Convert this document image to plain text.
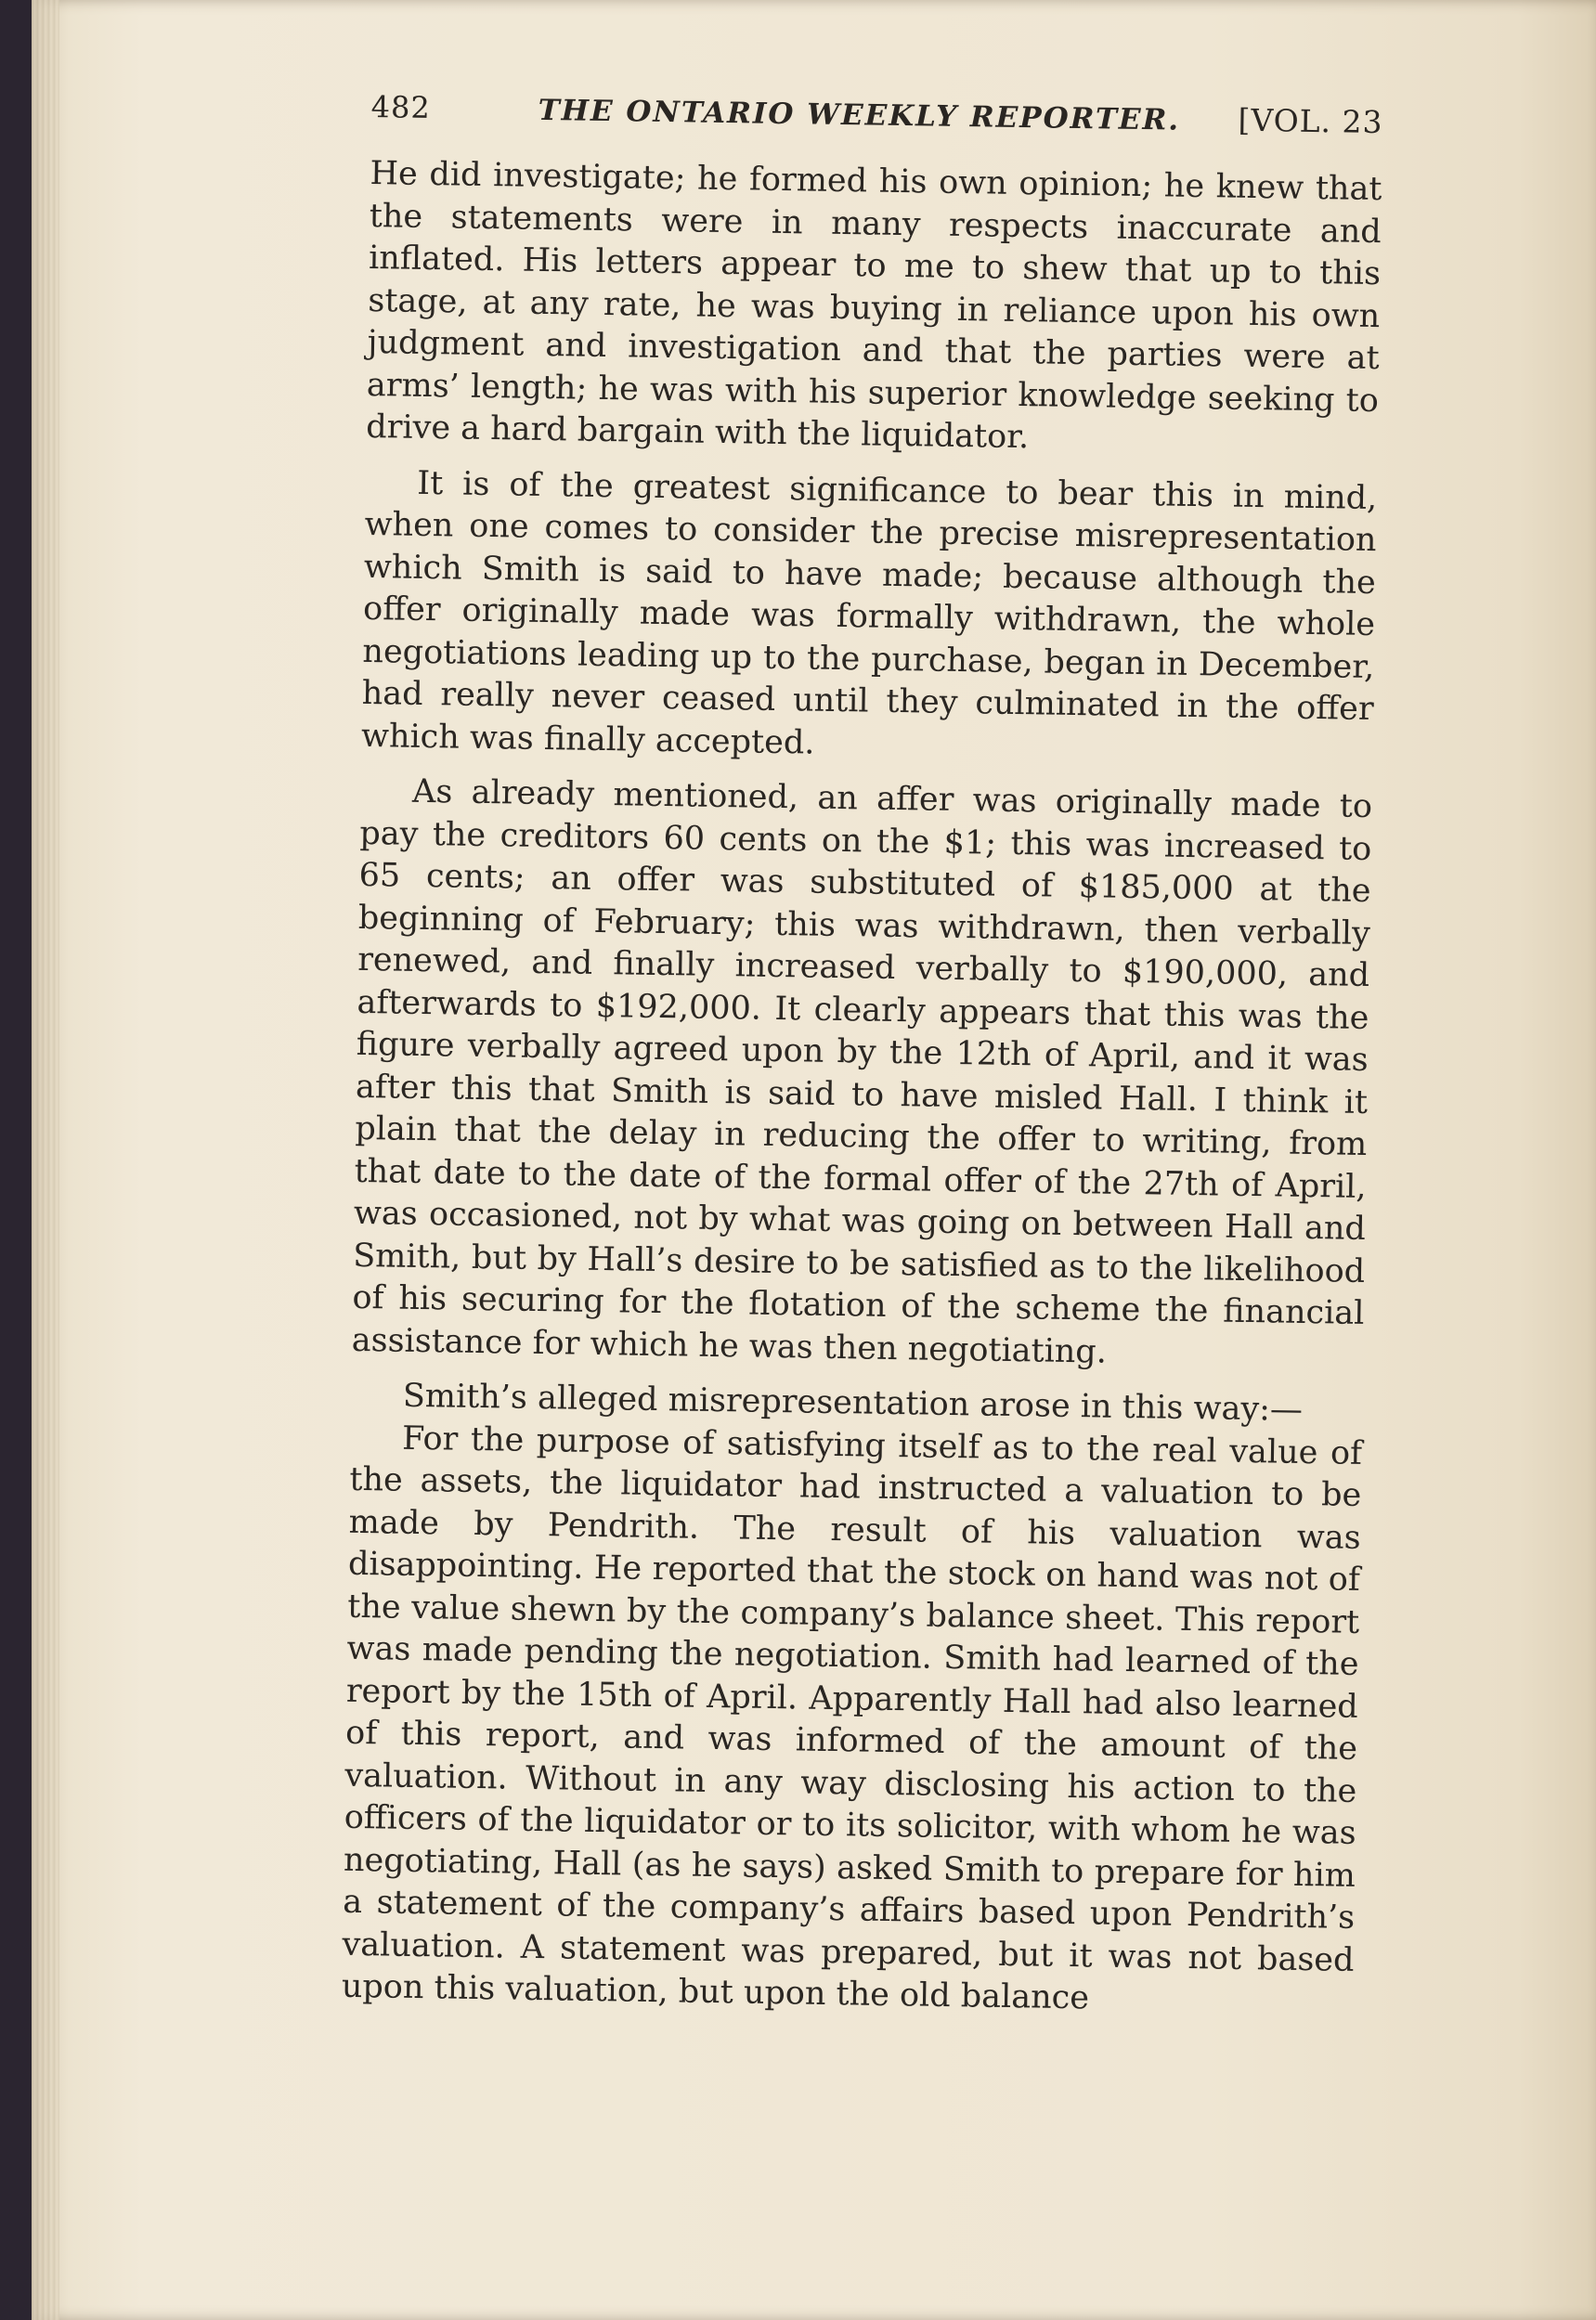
482	THE ONTARIO WEEKLY REPORTER.	[VOL. 23

He did investigate; he formed his own opinion; he knew that the statements were in many respects inaccurate and inflated. His letters appear to me to shew that up to this stage, at any rate, he was buying in reliance upon his own judgment and investigation and that the parties were at arms’ length; he was with his superior knowledge seeking to drive a hard bargain with the liquidator.

It is of the greatest significance to bear this in mind, when one comes to consider the precise misrepresentation which Smith is said to have made; because although the offer originally made was formally withdrawn, the whole negotiations leading up to the purchase, began in December, had really never ceased until they culminated in the offer which was finally accepted.

As already mentioned, an affer was originally made to pay the creditors 60 cents on the $1; this was increased to 65 cents; an offer was substituted of $185,000 at the beginning of February; this was withdrawn, then verbally renewed, and finally increased verbally to $190,000, and afterwards to $192,000. It clearly appears that this was the figure verbally agreed upon by the 12th of April, and it was after this that Smith is said to have misled Hall. I think it plain that the delay in reducing the offer to writing, from that date to the date of the formal offer of the 27th of April, was occasioned, not by what was going on between Hall and Smith, but by Hall’s desire to be satisfied as to the likelihood of his securing for the flotation of the scheme the financial assistance for which he was then negotiating.

Smith’s alleged misrepresentation arose in this way:—

For the purpose of satisfying itself as to the real value of the assets, the liquidator had instructed a valuation to be made by Pendrith. The result of his valuation was disappointing. He reported that the stock on hand was not of the value shewn by the company’s balance sheet. This report was made pending the negotiation. Smith had learned of the report by the 15th of April. Apparently Hall had also learned of this report, and was informed of the amount of the valuation. Without in any way disclosing his action to the officers of the liquidator or to its solicitor, with whom he was negotiating, Hall (as he says) asked Smith to prepare for him a statement of the company’s affairs based upon Pendrith’s valuation. A statement was prepared, but it was not based upon this valuation, but upon the old balance
